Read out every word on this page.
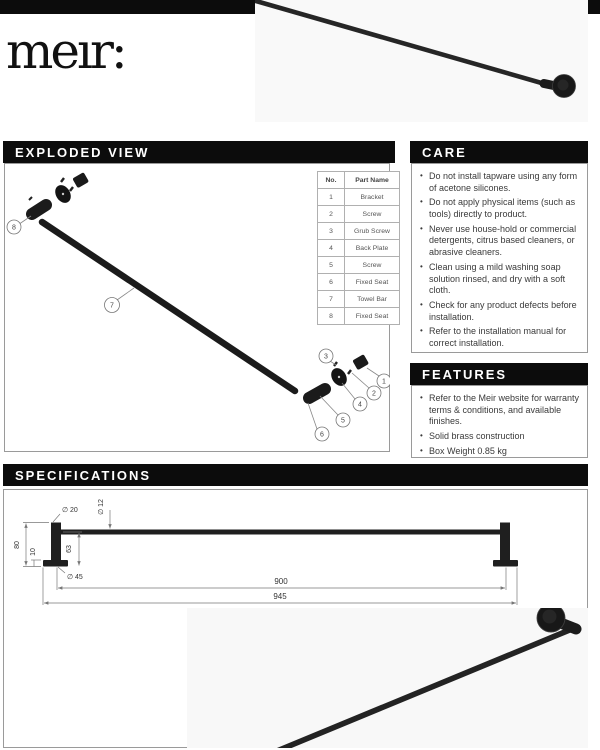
meır:
EXPLODED VIEW
8
7
3
1
2
4
5
6
No.	Part Name
1	Bracket
2	Screw
3	Grub Screw
4	Back Plate
5	Screw
6	Fixed Seat
7	Towel Bar
8	Fixed Seat
CARE
• Do not install tapware using any form of acetone silicones.
• Do not apply physical items (such as tools) directly to product.
• Never use house-hold or commercial detergents, citrus based cleaners, or abrasive cleaners.
• Clean using a mild washing soap solution rinsed, and dry with a soft cloth.
• Check for any product defects before installation.
• Refer to the installation manual for correct installation.
FEATURES
• Refer to the Meir website for warranty terms & conditions, and available finishes.
• Solid brass construction
• Box Weight 0.85 kg
SPECIFICATIONS
∅ 20	∅ 12
80
10	63
∅ 45	900
945
